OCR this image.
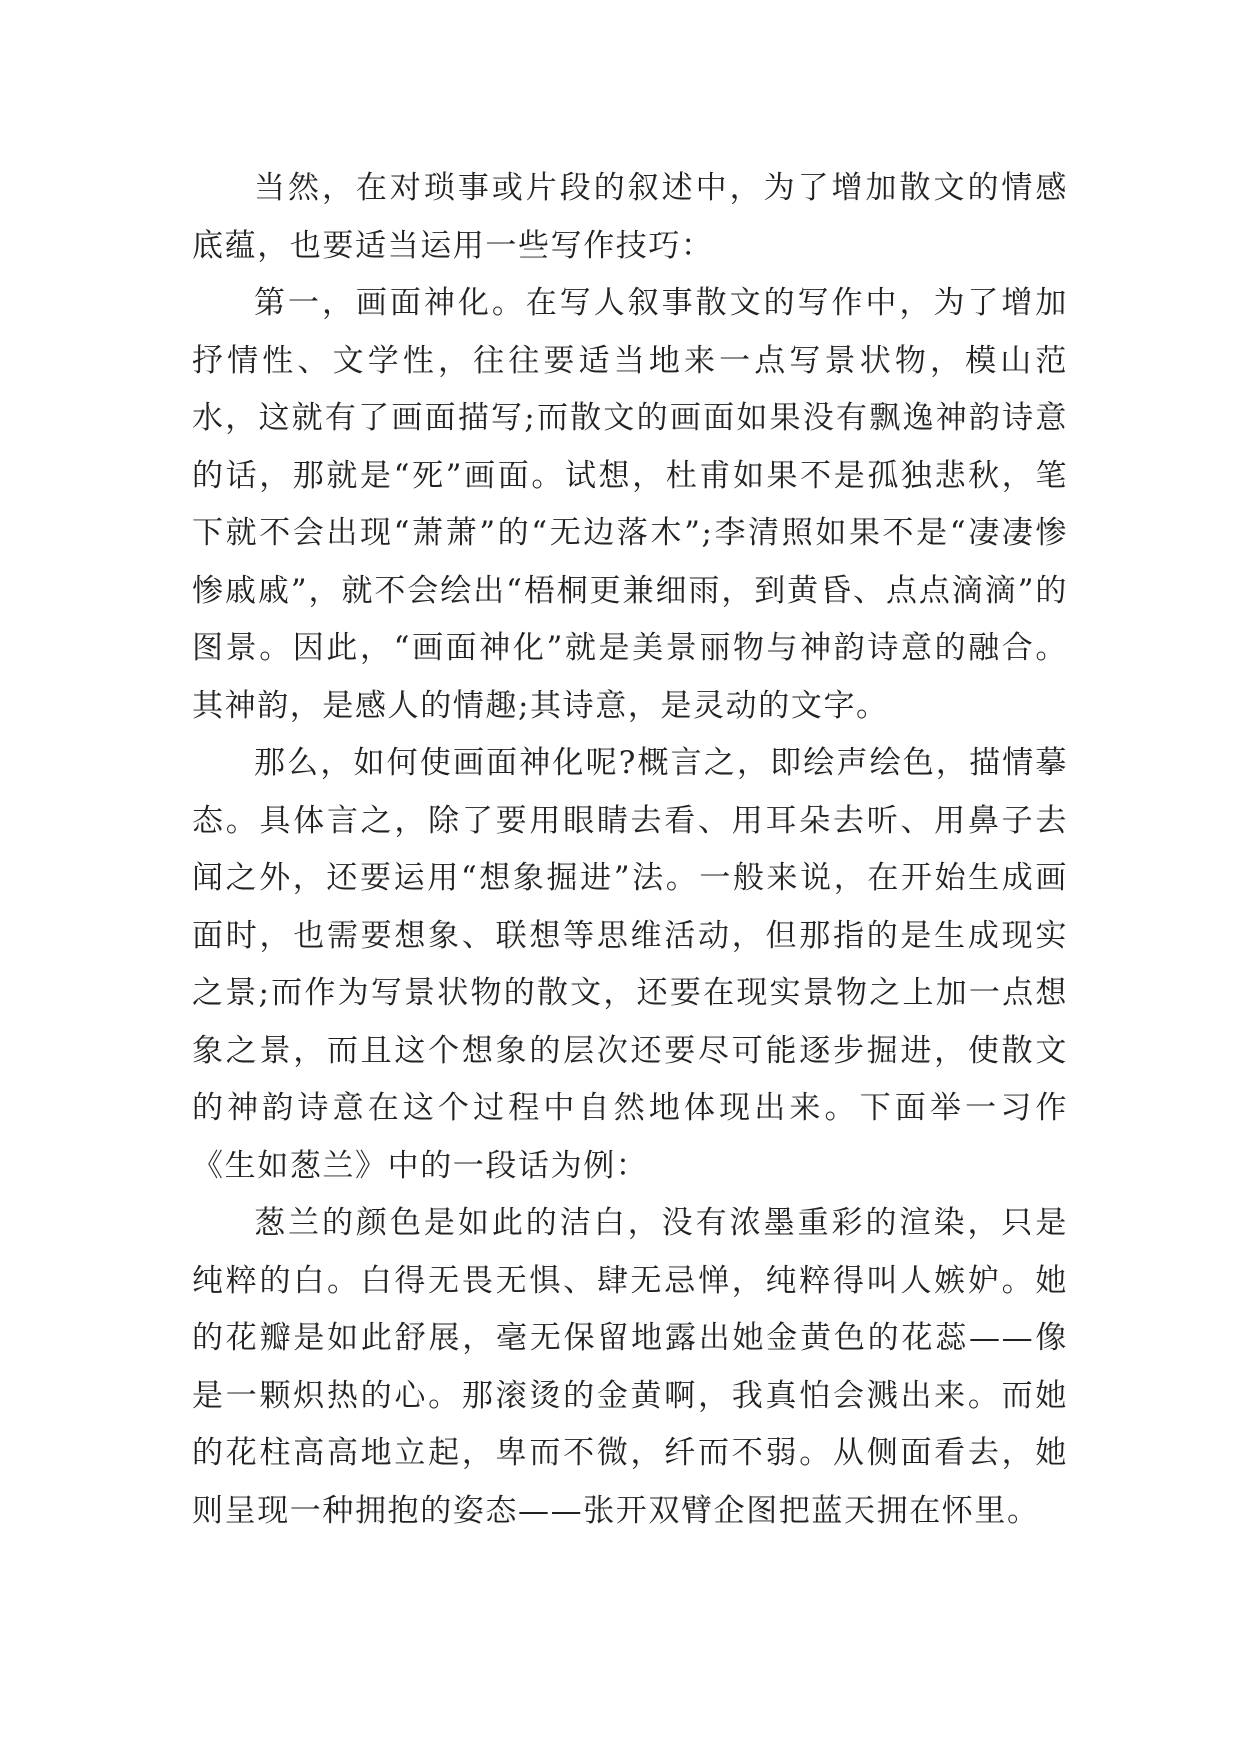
当然，在对琐事或片段的叙述中，为了增加散文的情感底蕴，也要适当运用一些写作技巧：

第一，画面神化。在写人叙事散文的写作中，为了增加抒情性、文学性，往往要适当地来一点写景状物，模山范水，这就有了画面描写;而散文的画面如果没有飘逸神韵诗意的话，那就是“死”画面。试想，杜甫如果不是孤独悲秋，笔下就不会出现“萧萧”的“无边落木”;李清照如果不是“凄凄惨惨戚戚”，就不会绘出“梧桐更兼细雨，到黄昏、点点滴滴”的图景。因此，“画面神化”就是美景丽物与神韵诗意的融合。其神韵，是感人的情趣;其诗意，是灵动的文字。

那么，如何使画面神化呢?概言之，即绘声绘色，描情摹态。具体言之，除了要用眼睛去看、用耳朵去听、用鼻子去闻之外，还要运用“想象掘进”法。一般来说，在开始生成画面时，也需要想象、联想等思维活动，但那指的是生成现实之景;而作为写景状物的散文，还要在现实景物之上加一点想象之景，而且这个想象的层次还要尽可能逐步掘进，使散文的神韵诗意在这个过程中自然地体现出来。下面举一习作《生如葱兰》中的一段话为例：

葱兰的颜色是如此的洁白，没有浓墨重彩的渲染，只是纯粹的白。白得无畏无惧、肆无忌惮，纯粹得叫人嫉妒。她的花瓣是如此舒展，毫无保留地露出她金黄色的花蕊——像是一颗炽热的心。那滚烫的金黄啊，我真怕会溅出来。而她的花柱高高地立起，卑而不微，纤而不弱。从侧面看去，她则呈现一种拥抱的姿态——张开双臂企图把蓝天拥在怀里。
